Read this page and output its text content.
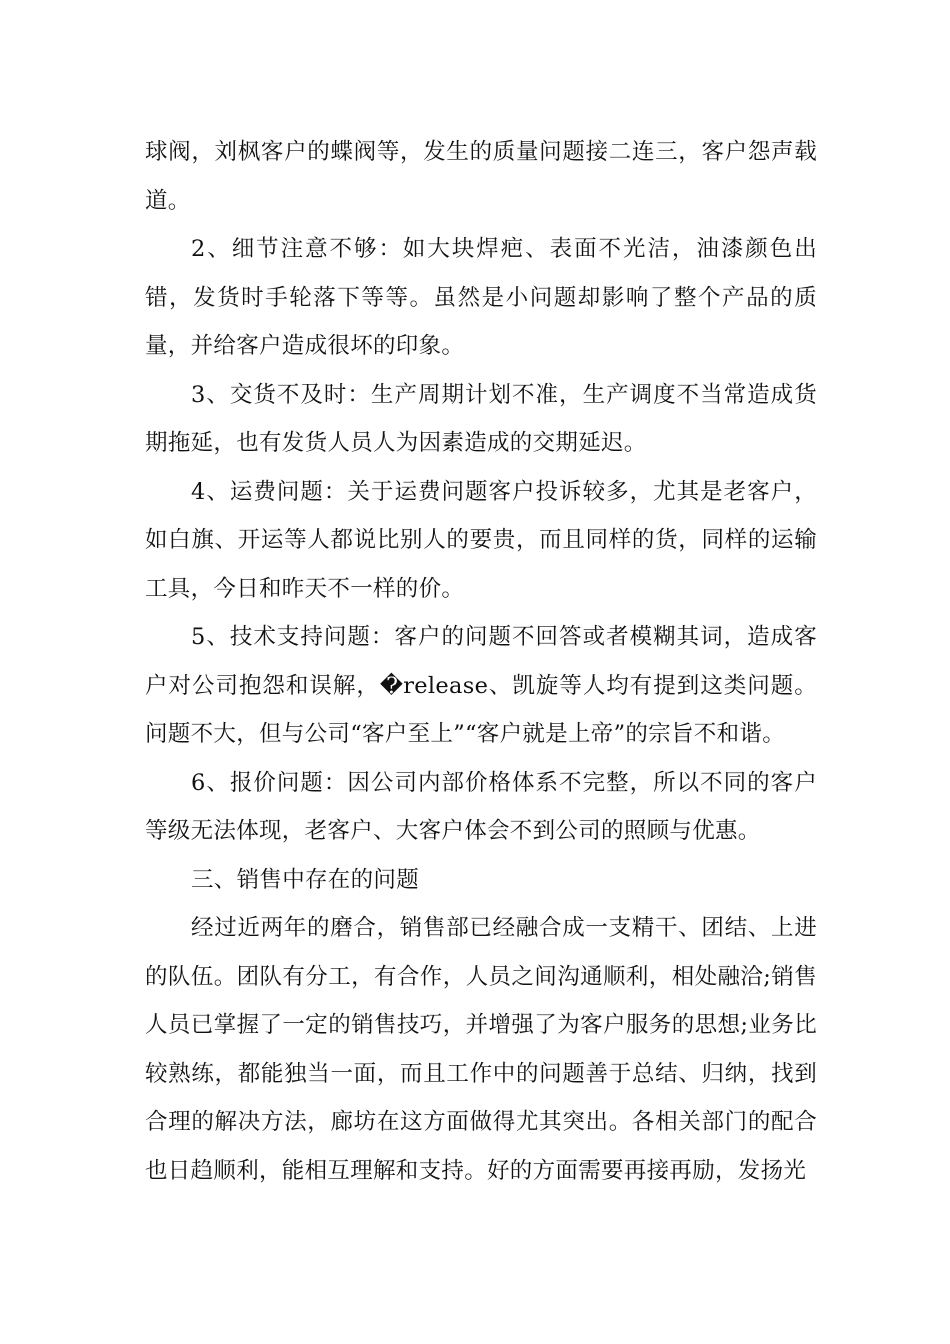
球阀，刘枫客户的蝶阀等，发生的质量问题接二连三，客户怨声载道。

2、细节注意不够：如大块焊疤、表面不光洁，油漆颜色出错，发货时手轮落下等等。虽然是小问题却影响了整个产品的质量，并给客户造成很坏的印象。

3、交货不及时：生产周期计划不准，生产调度不当常造成货期拖延，也有发货人员人为因素造成的交期延迟。

4、运费问题：关于运费问题客户投诉较多，尤其是老客户，如白旗、开运等人都说比别人的要贵，而且同样的货，同样的运输工具，今日和昨天不一样的价。

5、技术支持问题：客户的问题不回答或者模糊其词，造成客户对公司抱怨和误解，�release、凯旋等人均有提到这类问题。问题不大，但与公司“客户至上”“客户就是上帝”的宗旨不和谐。

6、报价问题：因公司内部价格体系不完整，所以不同的客户等级无法体现，老客户、大客户体会不到公司的照顾与优惠。

三、销售中存在的问题

经过近两年的磨合，销售部已经融合成一支精干、团结、上进的队伍。团队有分工，有合作，人员之间沟通顺利，相处融洽;销售人员已掌握了一定的销售技巧，并增强了为客户服务的思想;业务比较熟练，都能独当一面，而且工作中的问题善于总结、归纳，找到合理的解决方法，廊坊在这方面做得尤其突出。各相关部门的配合也日趋顺利，能相互理解和支持。好的方面需要再接再励，发扬光
